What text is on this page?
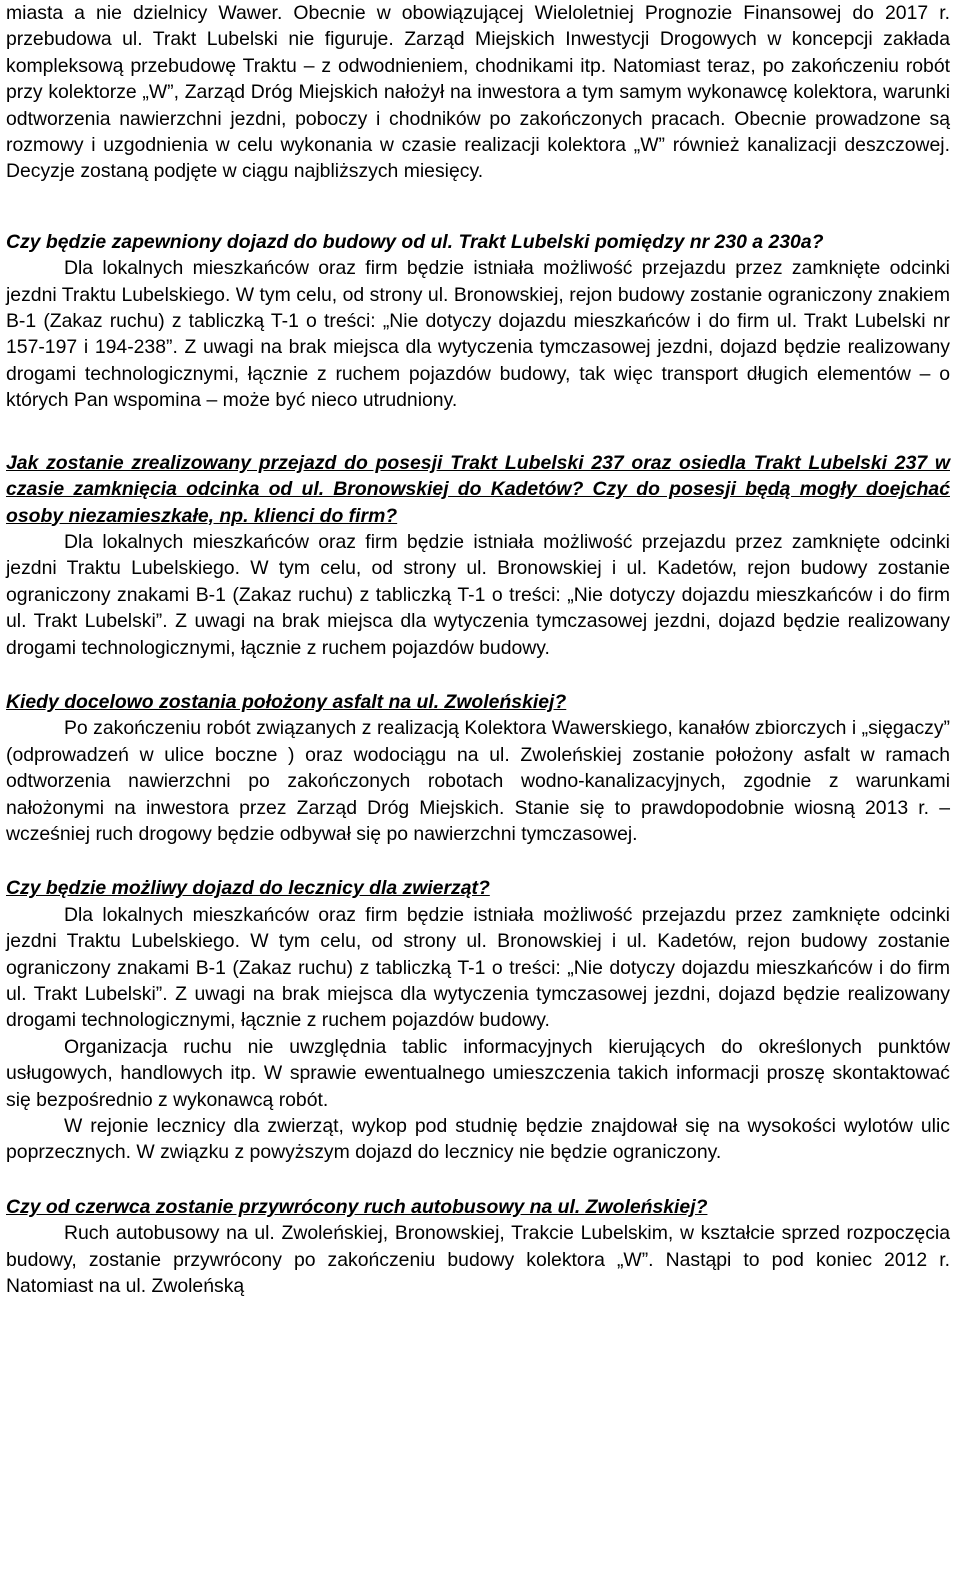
miasta a nie dzielnicy Wawer. Obecnie w obowiązującej Wieloletniej Prognozie Finansowej do 2017 r. przebudowa ul. Trakt Lubelski nie figuruje. Zarząd Miejskich Inwestycji Drogowych w koncepcji zakłada kompleksową przebudowę Traktu – z odwodnieniem, chodnikami itp. Natomiast teraz, po zakończeniu robót przy kolektorze „W”, Zarząd Dróg Miejskich nałożył na inwestora a tym samym wykonawcę kolektora, warunki odtworzenia nawierzchni jezdni, poboczy i chodników po zakończonych pracach. Obecnie prowadzone są rozmowy i uzgodnienia w celu wykonania w czasie realizacji kolektora „W” również kanalizacji deszczowej. Decyzje zostaną podjęte w ciągu najbliższych miesięcy.

Czy będzie zapewniony dojazd do budowy od ul. Trakt Lubelski pomiędzy nr 230 a 230a?

Dla lokalnych mieszkańców oraz firm będzie istniała możliwość przejazdu przez zamknięte odcinki jezdni Traktu Lubelskiego. W tym celu, od strony ul. Bronowskiej, rejon budowy zostanie ograniczony znakiem B-1 (Zakaz ruchu) z tabliczką T-1 o treści: „Nie dotyczy dojazdu mieszkańców i do firm ul. Trakt Lubelski nr 157-197 i 194-238”. Z uwagi na brak miejsca dla wytyczenia tymczasowej jezdni, dojazd będzie realizowany drogami technologicznymi, łącznie z ruchem pojazdów budowy, tak więc transport długich elementów – o których Pan wspomina – może być nieco utrudniony.

Jak zostanie zrealizowany przejazd do posesji Trakt Lubelski 237 oraz osiedla Trakt Lubelski 237 w czasie zamknięcia odcinka od ul. Bronowskiej do Kadetów? Czy do posesji będą mogły doejchać osoby niezamieszkałe, np. klienci do firm?

Dla lokalnych mieszkańców oraz firm będzie istniała możliwość przejazdu przez zamknięte odcinki jezdni Traktu Lubelskiego. W tym celu, od strony ul. Bronowskiej i ul. Kadetów, rejon budowy zostanie ograniczony znakami B-1 (Zakaz ruchu) z tabliczką T-1 o treści: „Nie dotyczy dojazdu mieszkańców i do firm ul. Trakt Lubelski”. Z uwagi na brak miejsca dla wytyczenia tymczasowej jezdni, dojazd będzie realizowany drogami technologicznymi, łącznie z ruchem pojazdów budowy.

Kiedy docelowo zostania położony asfalt na ul. Zwoleńskiej?

Po zakończeniu robót związanych z realizacją Kolektora Wawerskiego, kanałów zbiorczych i „sięgaczy” (odprowadzeń w ulice boczne ) oraz wodociągu na ul. Zwoleńskiej zostanie położony asfalt w ramach odtworzenia nawierzchni po zakończonych robotach wodno-kanalizacyjnych, zgodnie z warunkami nałożonymi na inwestora przez Zarząd Dróg Miejskich. Stanie się to prawdopodobnie wiosną 2013 r. – wcześniej ruch drogowy będzie odbywał się po nawierzchni tymczasowej.

Czy będzie możliwy dojazd do lecznicy dla zwierząt?

Dla lokalnych mieszkańców oraz firm będzie istniała możliwość przejazdu przez zamknięte odcinki jezdni Traktu Lubelskiego. W tym celu, od strony ul. Bronowskiej i ul. Kadetów, rejon budowy zostanie ograniczony znakami B-1 (Zakaz ruchu) z tabliczką T-1 o treści: „Nie dotyczy dojazdu mieszkańców i do firm ul. Trakt Lubelski”. Z uwagi na brak miejsca dla wytyczenia tymczasowej jezdni, dojazd będzie realizowany drogami technologicznymi, łącznie z ruchem pojazdów budowy.

Organizacja ruchu nie uwzględnia tablic informacyjnych kierujących do określonych punktów usługowych, handlowych itp. W sprawie ewentualnego umieszczenia takich informacji proszę skontaktować się bezpośrednio z wykonawcą robót.

W rejonie lecznicy dla zwierząt, wykop pod studnię będzie znajdował się na wysokości wylotów ulic poprzecznych. W związku z powyższym dojazd do lecznicy nie będzie ograniczony.

Czy od czerwca zostanie przywrócony ruch autobusowy na ul. Zwoleńskiej?

Ruch autobusowy na ul. Zwoleńskiej, Bronowskiej, Trakcie Lubelskim, w kształcie sprzed rozpoczęcia budowy, zostanie przywrócony po zakończeniu budowy kolektora „W”. Nastąpi to pod koniec 2012 r. Natomiast na ul. Zwoleńską
